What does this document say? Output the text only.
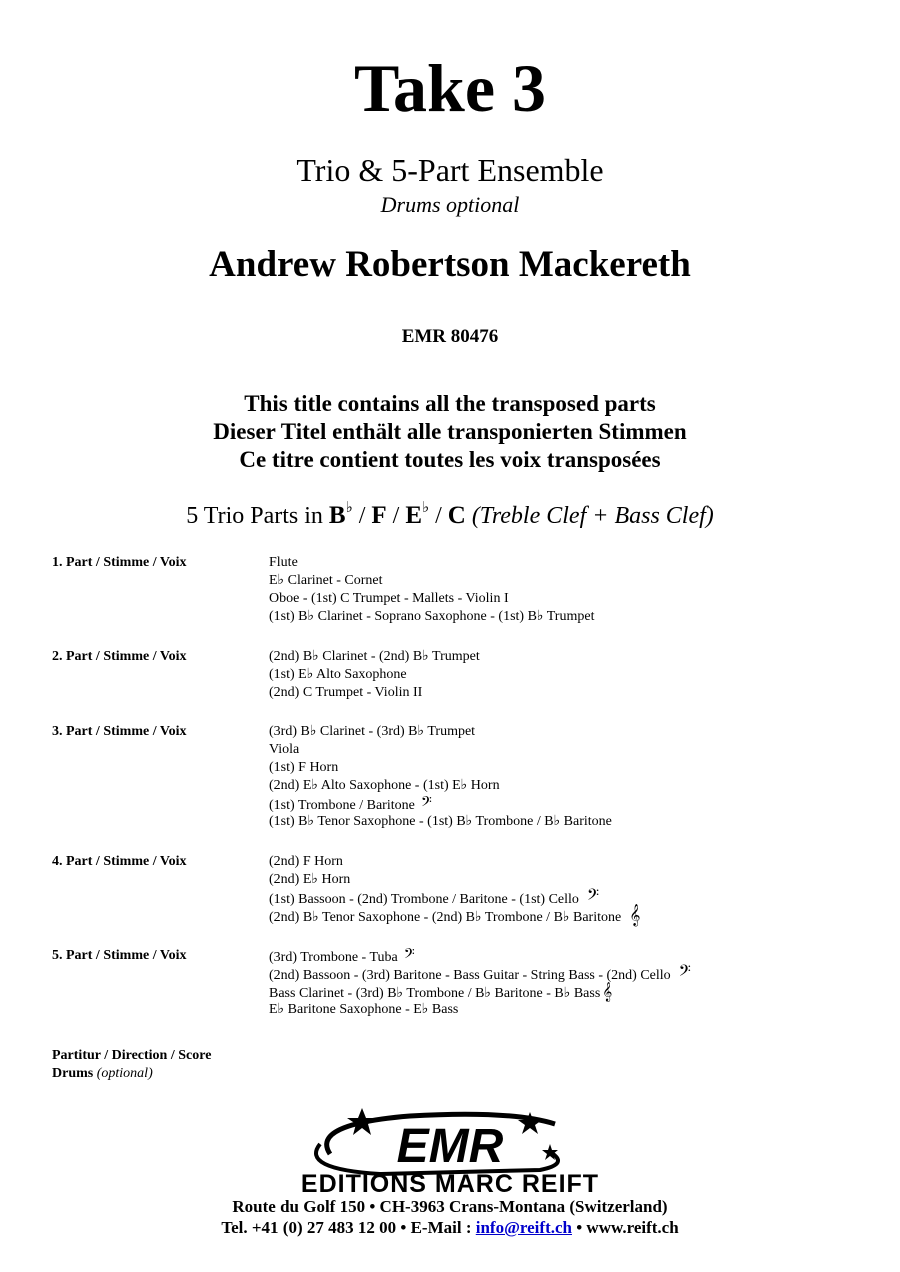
Take 3
Trio & 5-Part Ensemble
Drums optional
Andrew Robertson Mackereth
EMR 80476
This title contains all the transposed parts
Dieser Titel enthält alle transponierten Stimmen
Ce titre contient toutes les voix transposées
5 Trio Parts in B♭ / F / E♭ / C (Treble Clef + Bass Clef)
1. Part / Stimme / Voix	Flute
E♭ Clarinet - Cornet
Oboe - (1st) C Trumpet - Mallets - Violin I
(1st) B♭ Clarinet - Soprano Saxophone - (1st) B♭ Trumpet
2. Part / Stimme / Voix	(2nd) B♭ Clarinet - (2nd) B♭ Trumpet
(1st) E♭ Alto Saxophone
(2nd) C Trumpet - Violin II
3. Part / Stimme / Voix	(3rd) B♭ Clarinet - (3rd) B♭ Trumpet
Viola
(1st) F Horn
(2nd) E♭ Alto Saxophone - (1st) E♭ Horn
(1st) Trombone / Baritone 𝄢
(1st) B♭ Tenor Saxophone - (1st) B♭ Trombone / B♭ Baritone
4. Part / Stimme / Voix	(2nd) F Horn
(2nd) E♭ Horn
(1st) Bassoon - (2nd) Trombone / Baritone - (1st) Cello 𝄢
(2nd) B♭ Tenor Saxophone - (2nd) B♭ Trombone / B♭ Baritone 𝄞
5. Part / Stimme / Voix	(3rd) Trombone - Tuba 𝄢
(2nd) Bassoon - (3rd) Baritone - Bass Guitar - String Bass - (2nd) Cello 𝄢
Bass Clarinet - (3rd) B♭ Trombone / B♭ Baritone - B♭ Bass 𝄞
E♭ Baritone Saxophone - E♭ Bass
Partitur / Direction / Score
Drums (optional)
EMR
EDITIONS MARC REIFT
Route du Golf 150 • CH-3963 Crans-Montana (Switzerland)
Tel. +41 (0) 27 483 12 00 • E-Mail : info@reift.ch • www.reift.ch
